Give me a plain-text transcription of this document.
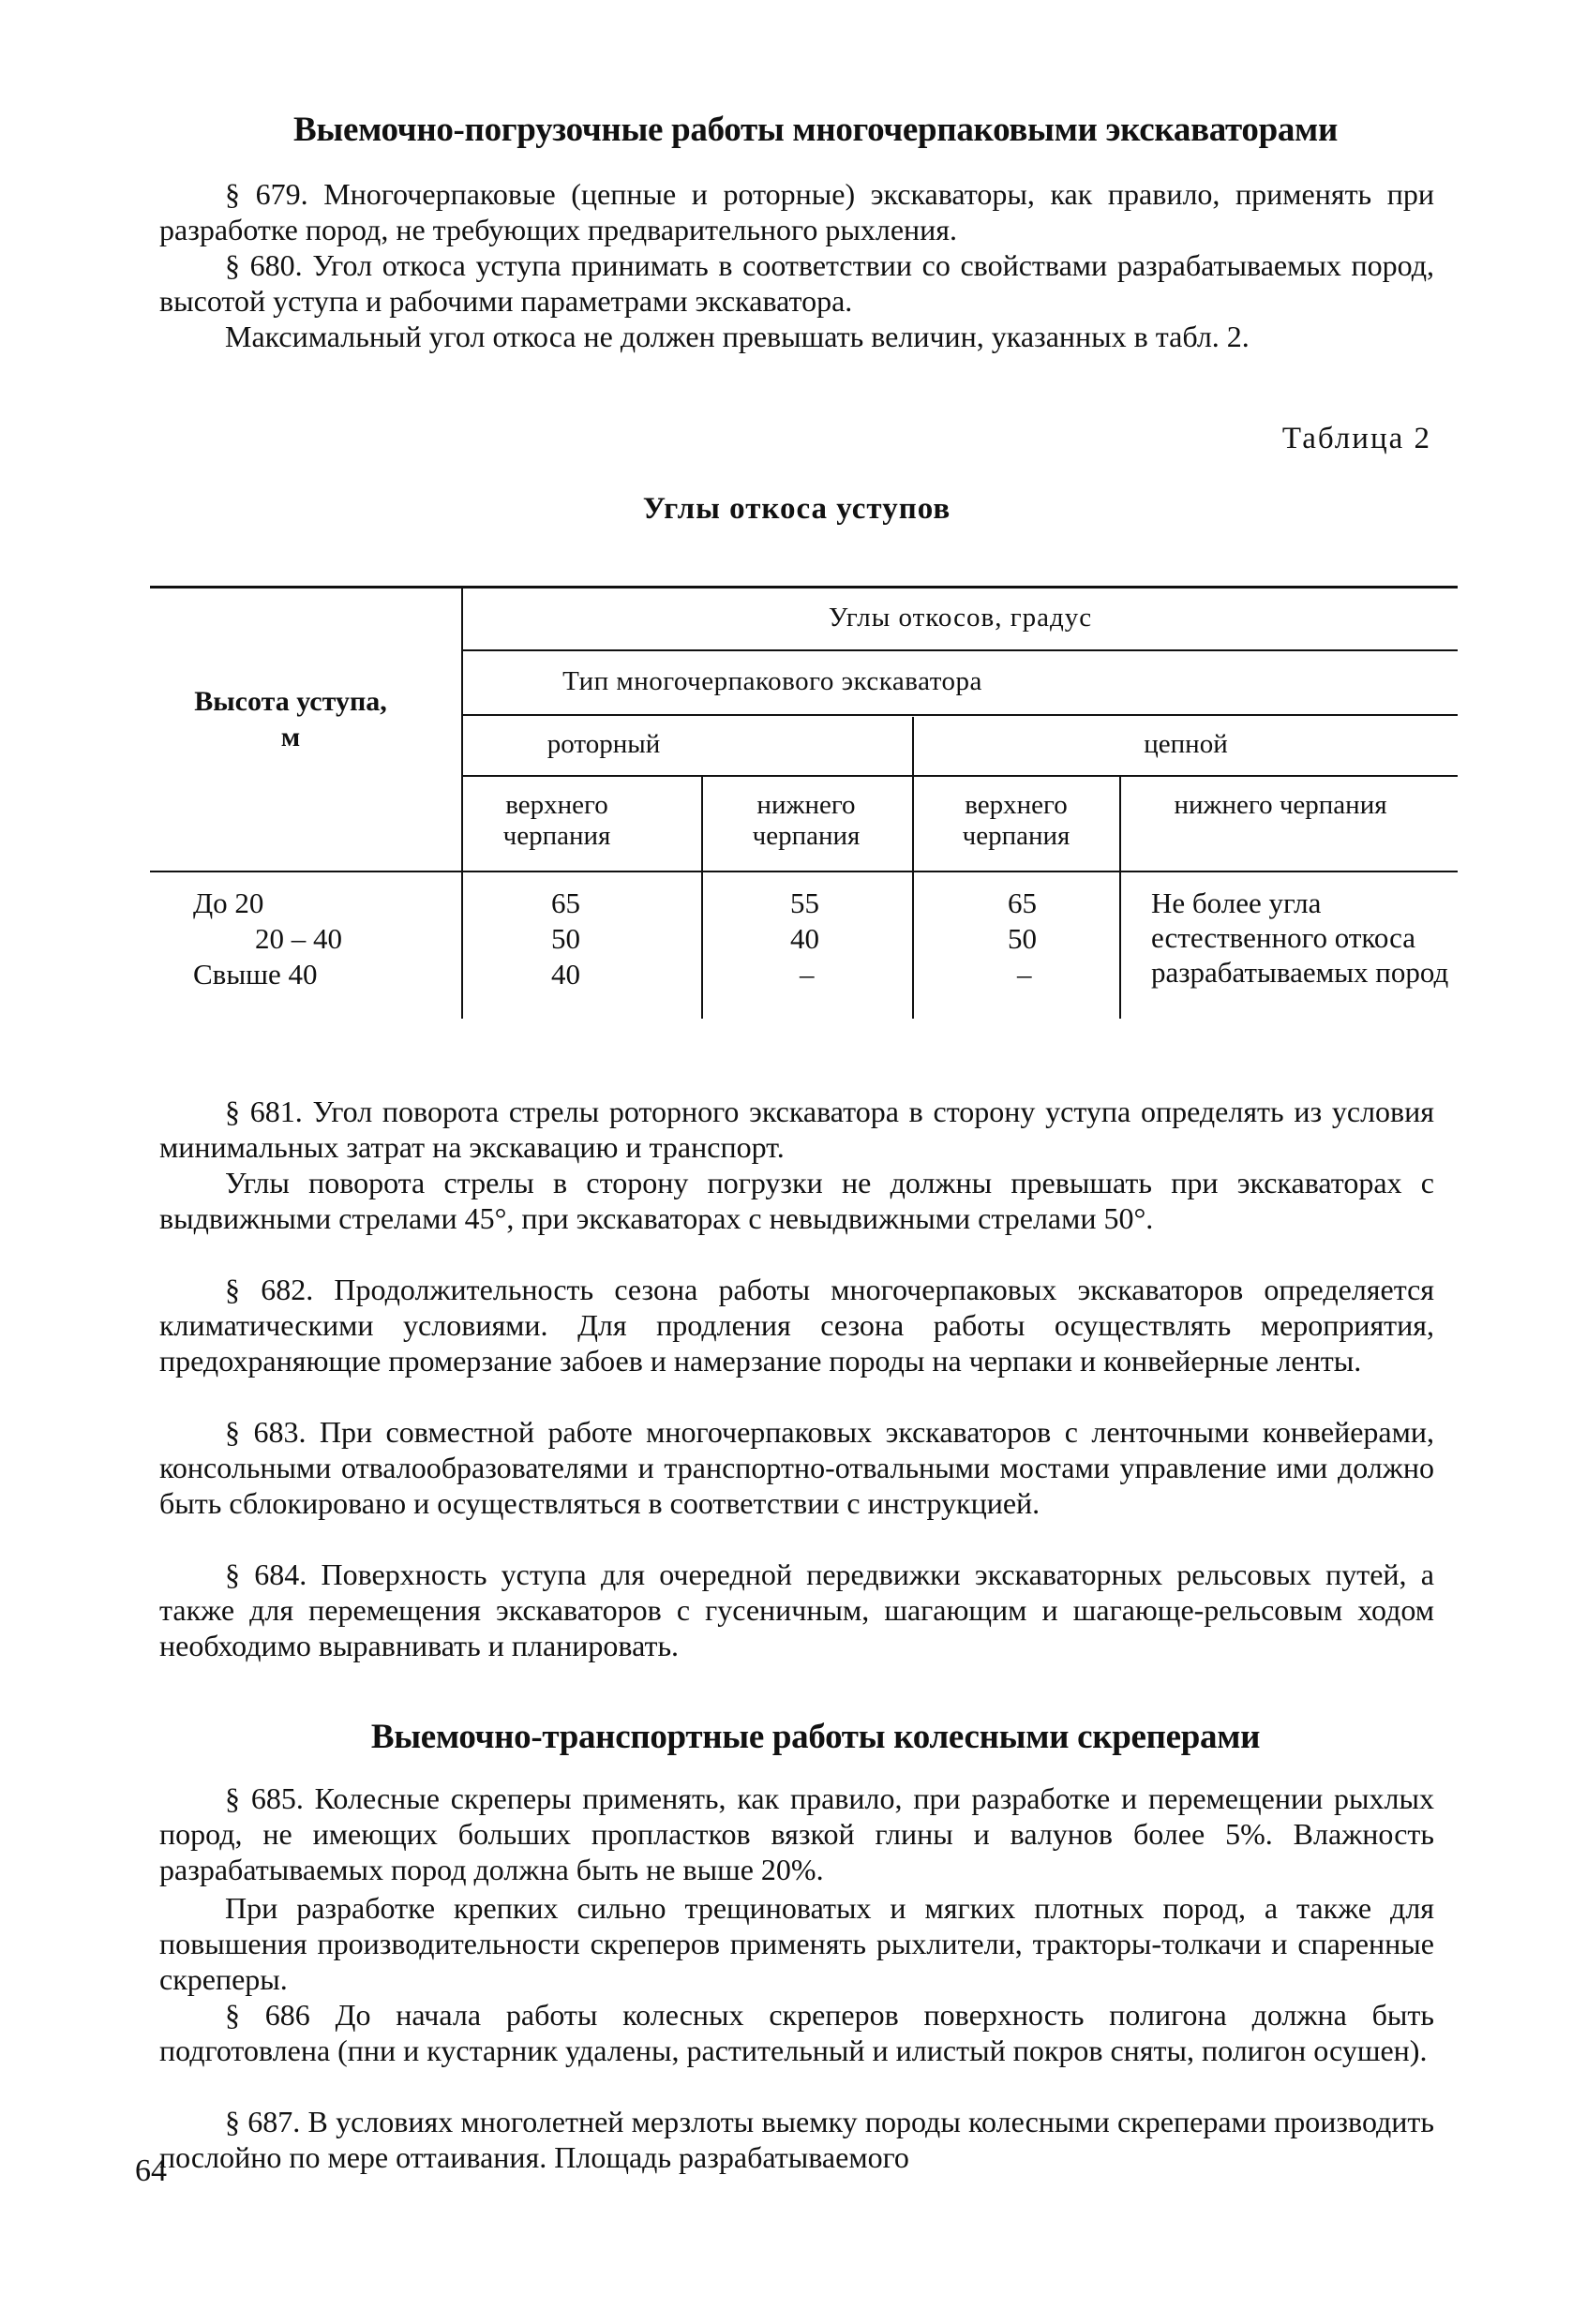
Выемочно-погрузочные работы многочерпаковыми экскаваторами

§ 679. Многочерпаковые (цепные и роторные) экскаваторы, как правило, применять при разработке пород, не требующих предварительного рыхления.

§ 680. Угол откоса уступа принимать в соответствии со свойствами разрабатываемых пород, высотой уступа и рабочими параметрами экскаватора.

Максимальный угол откоса не должен превышать величин, указанных в табл. 2.

Таблица 2
Углы откоса уступов
Высота уступа, м
Углы откосов, градус
Тип многочерпакового экскаватора
роторный	цепной
верхнего черпания
нижнего черпания
верхнего черпания
нижнего черпания
До 20
20 – 40
Свыше 40
65
50
40
55
40
–
65
50
–
Не более угла естественного откоса разрабатываемых пород

§ 681. Угол поворота стрелы роторного экскаватора в сторону уступа определять из условия минимальных затрат на экскавацию и транспорт.

Углы поворота стрелы в сторону погрузки не должны превышать при экскаваторах с выдвижными стрелами 45°, при экскаваторах с невыдвижными стрелами 50°.

§ 682. Продолжительность сезона работы многочерпаковых экскаваторов определяется климатическими условиями. Для продления сезона работы осуществлять мероприятия, предохраняющие промерзание забоев и намерзание породы на черпаки и конвейерные ленты.

§ 683. При совместной работе многочерпаковых экскаваторов с ленточными конвейерами, консольными отвалообразователями и транспортно-отвальными мостами управление ими должно быть сблокировано и осуществляться в соответствии с инструкцией.

§ 684. Поверхность уступа для очередной передвижки экскаваторных рельсовых путей, а также для перемещения экскаваторов с гусеничным, шагающим и шагающе-рельсовым ходом необходимо выравнивать и планировать.

Выемочно-транспортные работы колесными скреперами

§ 685. Колесные скреперы применять, как правило, при разработке и перемещении рыхлых пород, не имеющих больших пропластков вязкой глины и валунов более 5%. Влажность разрабатываемых пород должна быть не выше 20%.

При разработке крепких сильно трещиноватых и мягких плотных пород, а также для повышения производительности скреперов применять рыхлители, тракторы-толкачи и спаренные скреперы.

§ 686 До начала работы колесных скреперов поверхность полигона должна быть подготовлена (пни и кустарник удалены, растительный и илистый покров сняты, полигон осушен).

§ 687. В условиях многолетней мерзлоты выемку породы колесными скреперами производить послойно по мере оттаивания. Площадь разрабатываемого

64
